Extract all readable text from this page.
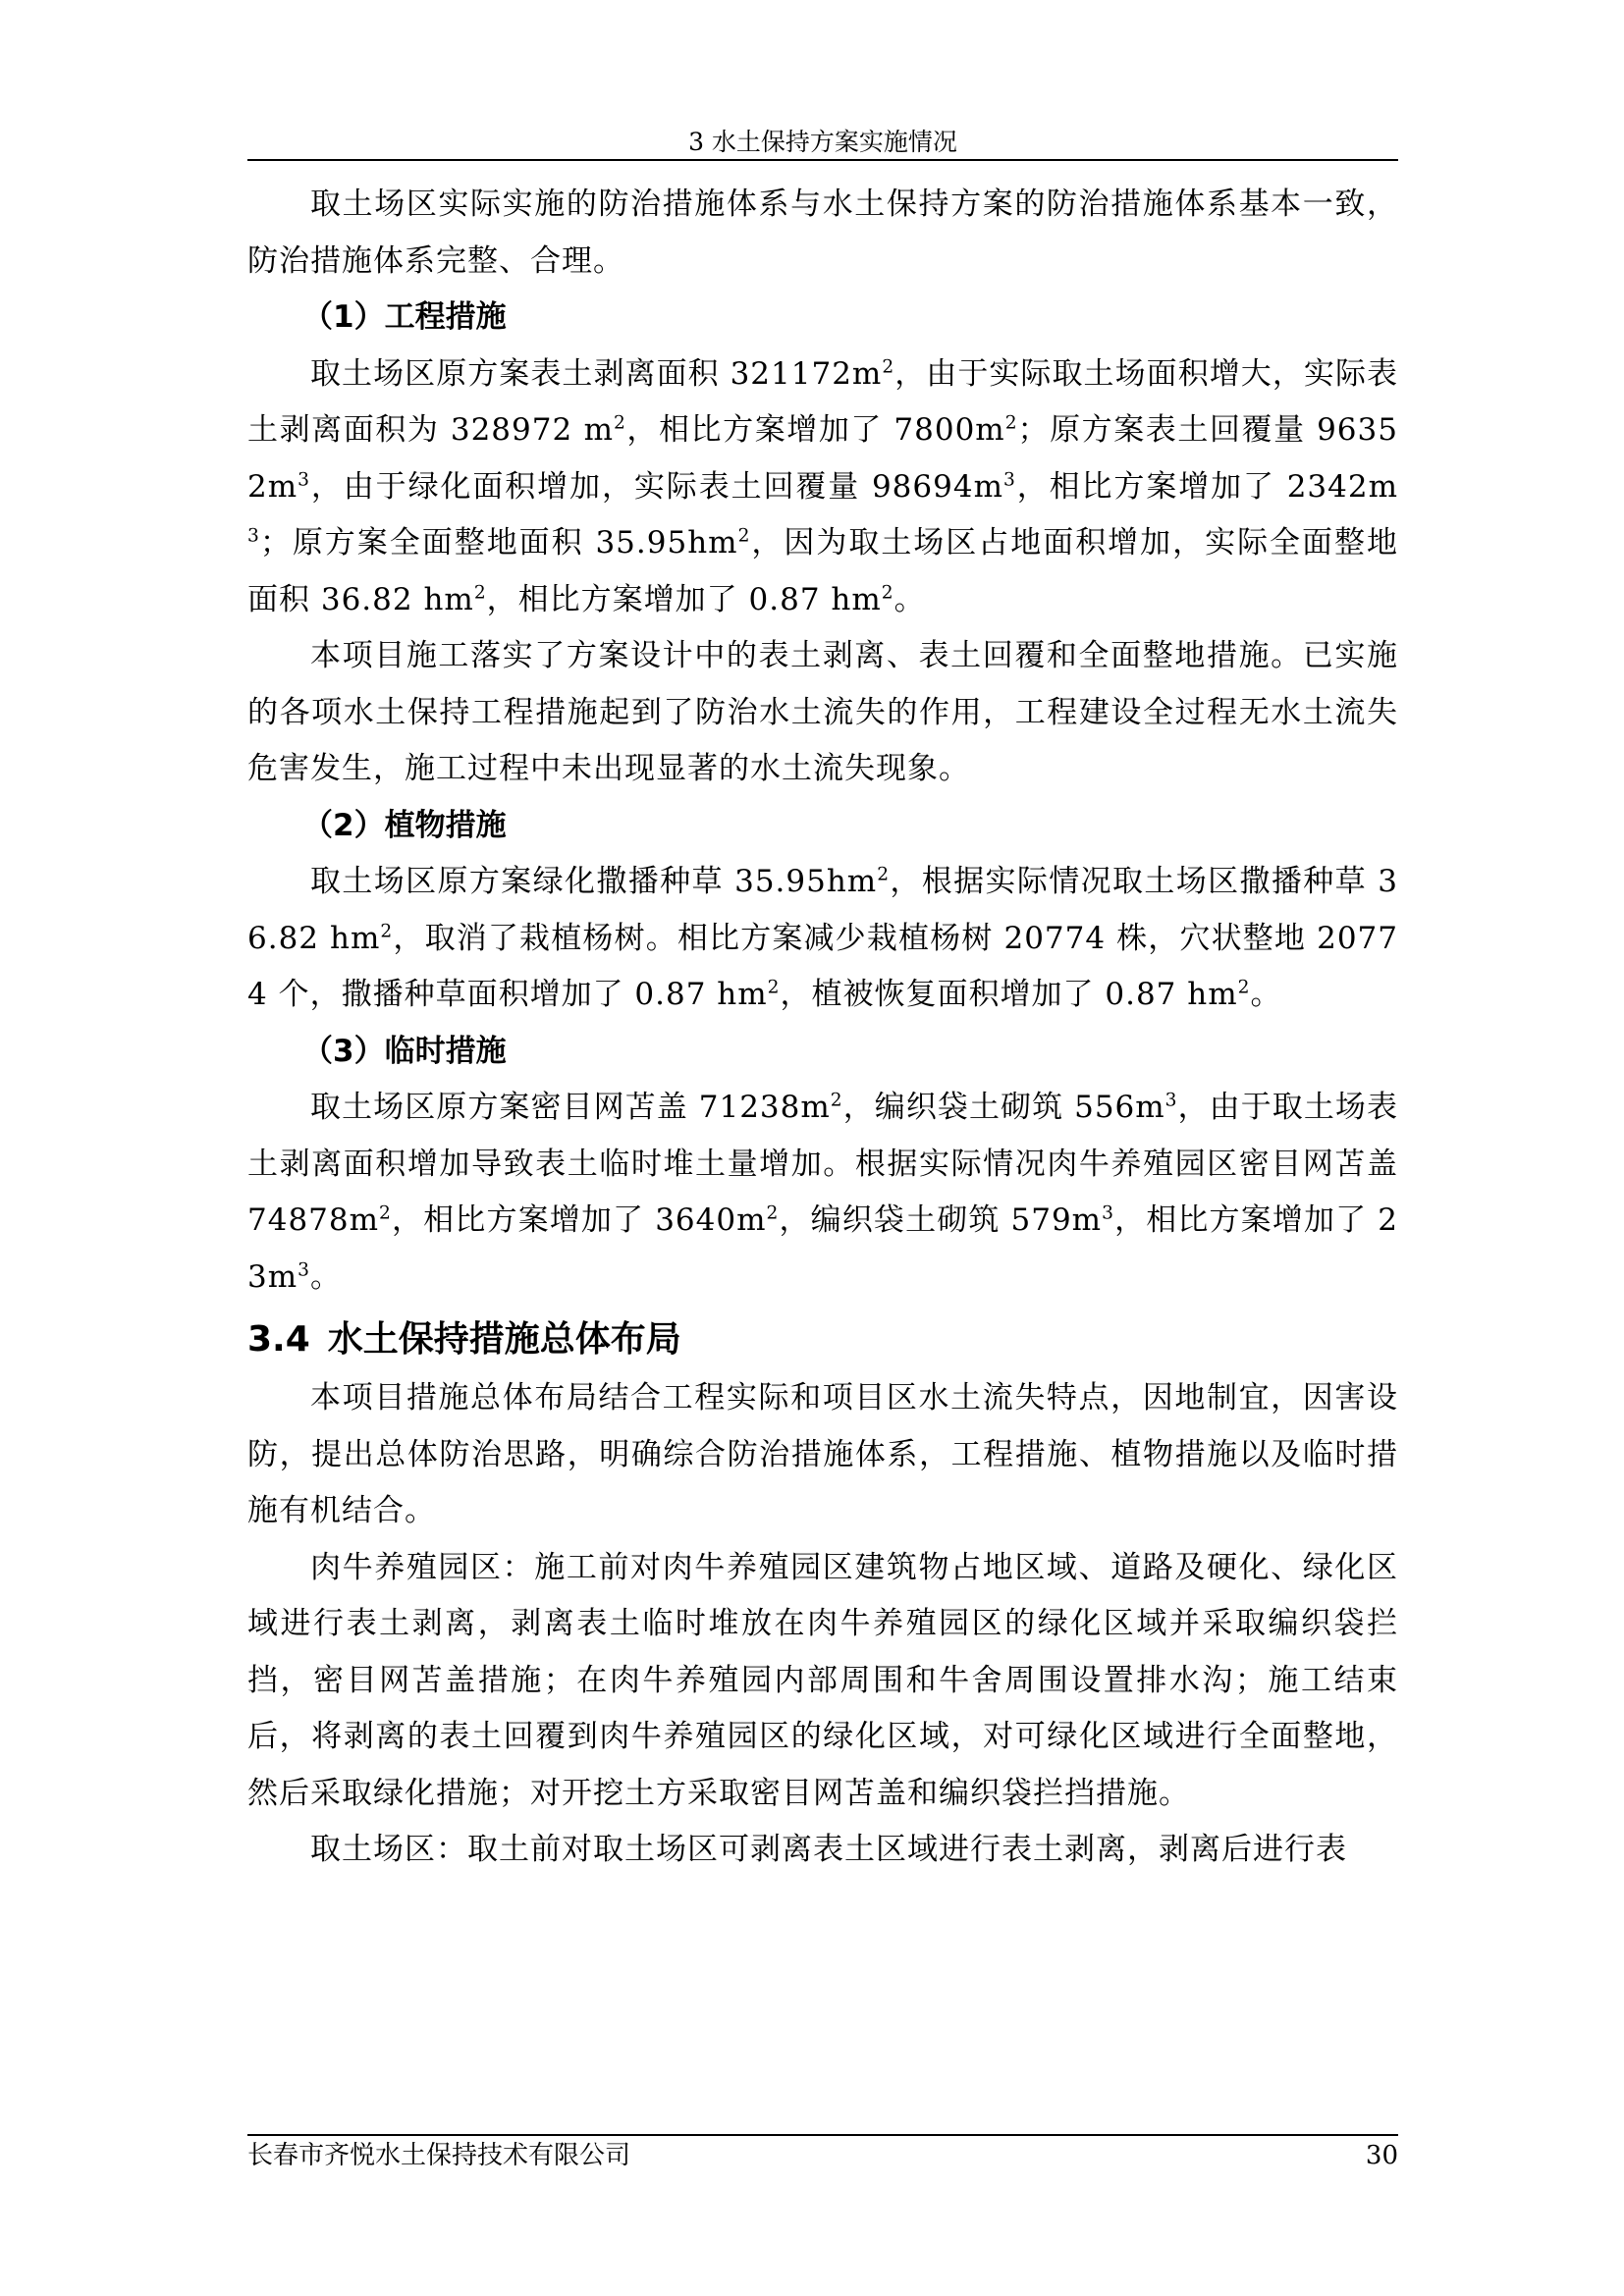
3 水土保持方案实施情况

取土场区实际实施的防治措施体系与水土保持方案的防治措施体系基本一致，防治措施体系完整、合理。

（1）工程措施

取土场区原方案表土剥离面积 $321172m^2$，由于实际取土场面积增大，实际表土剥离面积为 328972 $m^2$，相比方案增加了 $7800m^2$；原方案表土回覆量 $96352m^3$，由于绿化面积增加，实际表土回覆量 $98694m^3$，相比方案增加了 $2342m^3$；原方案全面整地面积 $35.95hm^2$，因为取土场区占地面积增加，实际全面整地面积 36.82 $hm^2$，相比方案增加了 0.87 $hm^2$。

本项目施工落实了方案设计中的表土剥离、表土回覆和全面整地措施。已实施的各项水土保持工程措施起到了防治水土流失的作用，工程建设全过程无水土流失危害发生，施工过程中未出现显著的水土流失现象。

（2）植物措施

取土场区原方案绿化撒播种草 $35.95hm^2$，根据实际情况取土场区撒播种草 36.82 $hm^2$，取消了栽植杨树。相比方案减少栽植杨树 20774 株，穴状整地 20774 个，撒播种草面积增加了 0.87 $hm^2$，植被恢复面积增加了 0.87 $hm^2$。

（3）临时措施

取土场区原方案密目网苫盖 $71238m^2$，编织袋土砌筑 $556m^3$，由于取土场表土剥离面积增加导致表土临时堆土量增加。根据实际情况肉牛养殖园区密目网苫盖 $74878m^2$，相比方案增加了 $3640m^2$，编织袋土砌筑 $579m^3$，相比方案增加了 $23m^3$。

3.4 水土保持措施总体布局

本项目措施总体布局结合工程实际和项目区水土流失特点，因地制宜，因害设防，提出总体防治思路，明确综合防治措施体系，工程措施、植物措施以及临时措施有机结合。

肉牛养殖园区：施工前对肉牛养殖园区建筑物占地区域、道路及硬化、绿化区域进行表土剥离，剥离表土临时堆放在肉牛养殖园区的绿化区域并采取编织袋拦挡，密目网苫盖措施；在肉牛养殖园内部周围和牛舍周围设置排水沟；施工结束后，将剥离的表土回覆到肉牛养殖园区的绿化区域，对可绿化区域进行全面整地，然后采取绿化措施；对开挖土方采取密目网苫盖和编织袋拦挡措施。

取土场区：取土前对取土场区可剥离表土区域进行表土剥离，剥离后进行表

长春市齐悦水土保持技术有限公司	30
